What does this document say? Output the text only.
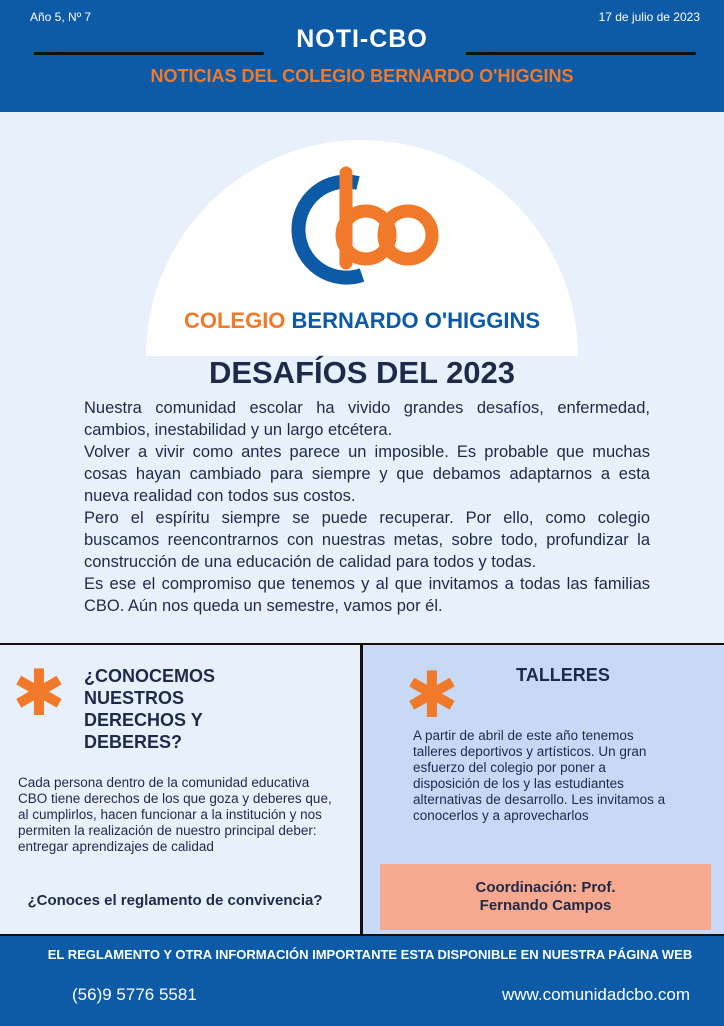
Año 5, Nº 7	17 de julio de 2023
NOTI-CBO
NOTICIAS DEL COLEGIO BERNARDO O'HIGGINS
COLEGIO BERNARDO O'HIGGINS
DESAFÍOS DEL 2023

Nuestra comunidad escolar ha vivido grandes desafíos, enfermedad, cambios, inestabilidad y un largo etcétera.

Volver a vivir como antes parece un imposible. Es probable que muchas cosas hayan cambiado para siempre y que debamos adaptarnos a esta nueva realidad con todos sus costos.

Pero el espíritu siempre se puede recuperar. Por ello, como colegio buscamos reencontrarnos con nuestras metas, sobre todo, profundizar la construcción de una educación de calidad para todos y todas.

Es ese el compromiso que tenemos y al que invitamos a todas las familias CBO. Aún nos queda un semestre, vamos por él.

✱ ¿CONOCEMOS NUESTROS DERECHOS Y DEBERES?
Cada persona dentro de la comunidad educativa CBO tiene derechos de los que goza y deberes que, al cumplirlos, hacen funcionar a la institución y nos permiten la realización de nuestro principal deber: entregar aprendizajes de calidad
¿Conoces el reglamento de convivencia?
✱	TALLERES
A partir de abril de este año tenemos talleres deportivos y artísticos. Un gran esfuerzo del colegio por poner a disposición de los y las estudiantes alternativas de desarrollo. Les invitamos a conocerlos y a aprovecharlos
Coordinación: Prof.
Fernando Campos
EL REGLAMENTO Y OTRA INFORMACIÓN IMPORTANTE ESTA DISPONIBLE EN NUESTRA PÁGINA WEB
(56)9 5776 5581	www.comunidadcbo.com
